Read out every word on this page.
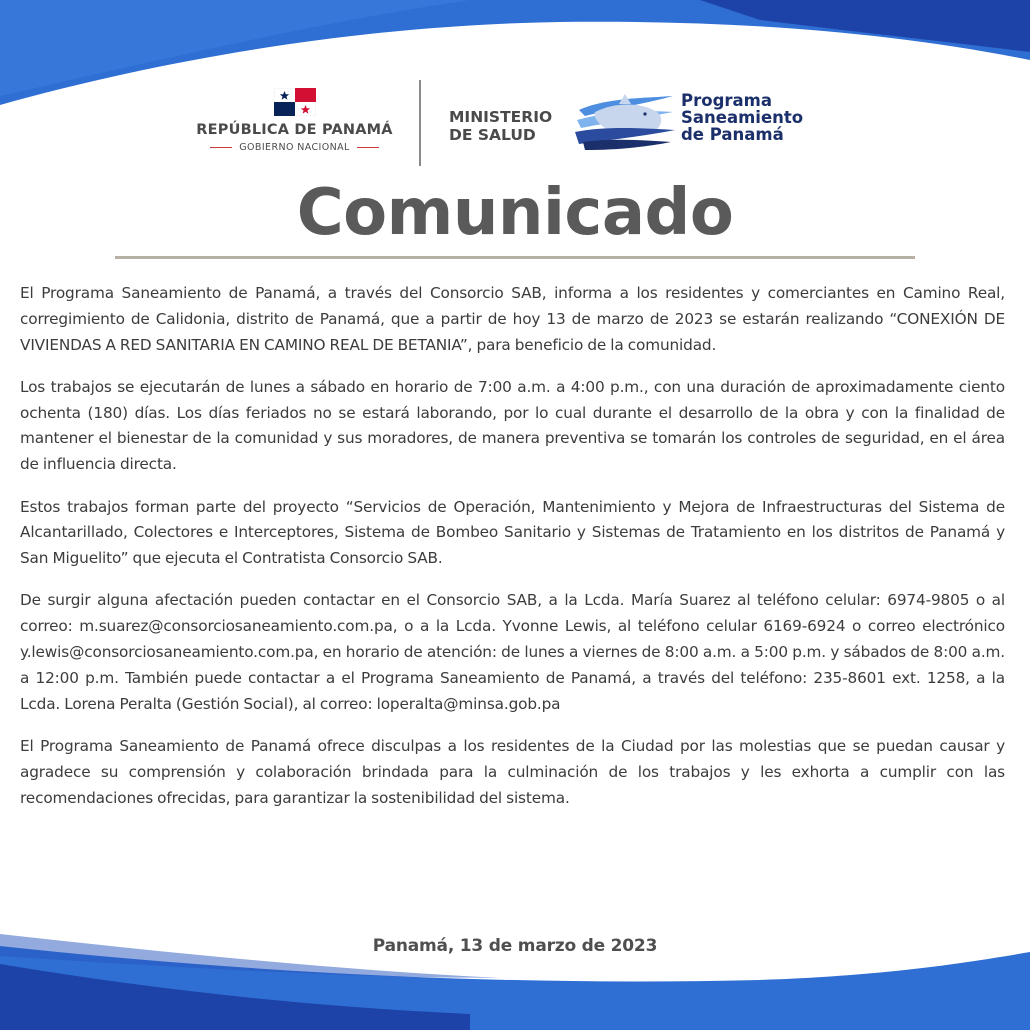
REPÚBLICA DE PANAMÁ
GOBIERNO NACIONAL
MINISTERIO
DE SALUD
Programa
Saneamiento
de Panamá
Comunicado

El Programa Saneamiento de Panamá, a través del Consorcio SAB, informa a los residentes y comerciantes en Camino Real, corregimiento de Calidonia, distrito de Panamá, que a partir de hoy 13 de marzo de 2023 se estarán realizando “CONEXIÓN DE VIVIENDAS A RED SANITARIA EN CAMINO REAL DE BETANIA”, para beneficio de la comunidad.

Los trabajos se ejecutarán de lunes a sábado en horario de 7:00 a.m. a 4:00 p.m., con una duración de aproximadamente ciento ochenta (180) días. Los días feriados no se estará laborando, por lo cual durante el desarrollo de la obra y con la finalidad de mantener el bienestar de la comunidad y sus moradores, de manera preventiva se tomarán los controles de seguridad, en el área de influencia directa.

Estos trabajos forman parte del proyecto “Servicios de Operación, Mantenimiento y Mejora de Infraestructuras del Sistema de Alcantarillado, Colectores e Interceptores, Sistema de Bombeo Sanitario y Sistemas de Tratamiento en los distritos de Panamá y San Miguelito” que ejecuta el Contratista Consorcio SAB.

De surgir alguna afectación pueden contactar en el Consorcio SAB, a la Lcda. María Suarez al teléfono celular: 6974-9805 o al correo: m.suarez@consorciosaneamiento.com.pa, o a la Lcda. Yvonne Lewis, al teléfono celular 6169-6924 o correo electrónico y.lewis@consorciosaneamiento.com.pa, en horario de atención: de lunes a viernes de 8:00 a.m. a 5:00 p.m. y sábados de 8:00 a.m. a 12:00 p.m. También puede contactar a el Programa Saneamiento de Panamá, a través del teléfono: 235-8601 ext. 1258, a la Lcda. Lorena Peralta (Gestión Social), al correo: loperalta@minsa.gob.pa

El Programa Saneamiento de Panamá ofrece disculpas a los residentes de la Ciudad por las molestias que se puedan causar y agradece su comprensión y colaboración brindada para la culminación de los trabajos y les exhorta a cumplir con las recomendaciones ofrecidas, para garantizar la sostenibilidad del sistema.

Panamá, 13 de marzo de 2023
